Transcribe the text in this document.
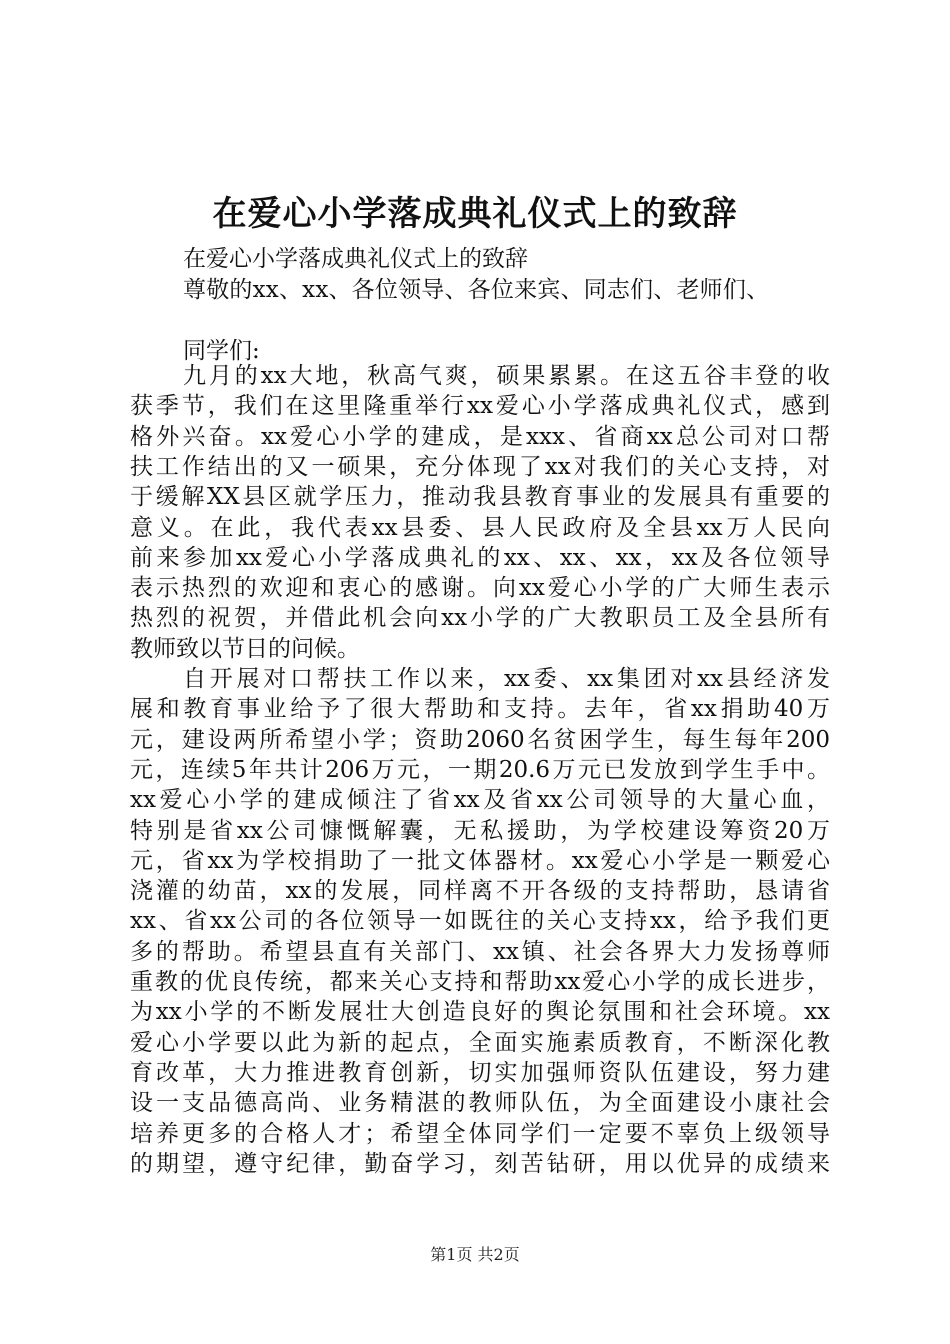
在爱心小学落成典礼仪式上的致辞
在爱心小学落成典礼仪式上的致辞
尊敬的xx、xx、各位领导、各位来宾、同志们、老师们、
同学们:
九月的xx大地，秋高气爽，硕果累累。在这五谷丰登的收
获季节，我们在这里隆重举行xx爱心小学落成典礼仪式，感到
格外兴奋。xx爱心小学的建成，是xxx、省商xx总公司对口帮
扶工作结出的又一硕果，充分体现了xx对我们的关心支持，对
于缓解XX县区就学压力，推动我县教育事业的发展具有重要的
意义。在此，我代表xx县委、县人民政府及全县xx万人民向
前来参加xx爱心小学落成典礼的xx、xx、xx，xx及各位领导
表示热烈的欢迎和衷心的感谢。向xx爱心小学的广大师生表示
热烈的祝贺，并借此机会向xx小学的广大教职员工及全县所有
教师致以节日的问候。
自开展对口帮扶工作以来，xx委、xx集团对xx县经济发
展和教育事业给予了很大帮助和支持。去年，省xx捐助40万
元，建设两所希望小学；资助2060名贫困学生，每生每年200
元，连续5年共计206万元，一期20.6万元已发放到学生手中。
xx爱心小学的建成倾注了省xx及省xx公司领导的大量心血，
特别是省xx公司慷慨解囊，无私援助，为学校建设筹资20万
元，省xx为学校捐助了一批文体器材。xx爱心小学是一颗爱心
浇灌的幼苗，xx的发展，同样离不开各级的支持帮助，恳请省
xx、省xx公司的各位领导一如既往的关心支持xx，给予我们更
多的帮助。希望县直有关部门、xx镇、社会各界大力发扬尊师
重教的优良传统，都来关心支持和帮助xx爱心小学的成长进步，
为xx小学的不断发展壮大创造良好的舆论氛围和社会环境。xx
爱心小学要以此为新的起点，全面实施素质教育，不断深化教
育改革，大力推进教育创新，切实加强师资队伍建设，努力建
设一支品德高尚、业务精湛的教师队伍，为全面建设小康社会
培养更多的合格人才；希望全体同学们一定要不辜负上级领导
的期望，遵守纪律，勤奋学习，刻苦钻研，用以优异的成绩来
第1页 共2页
